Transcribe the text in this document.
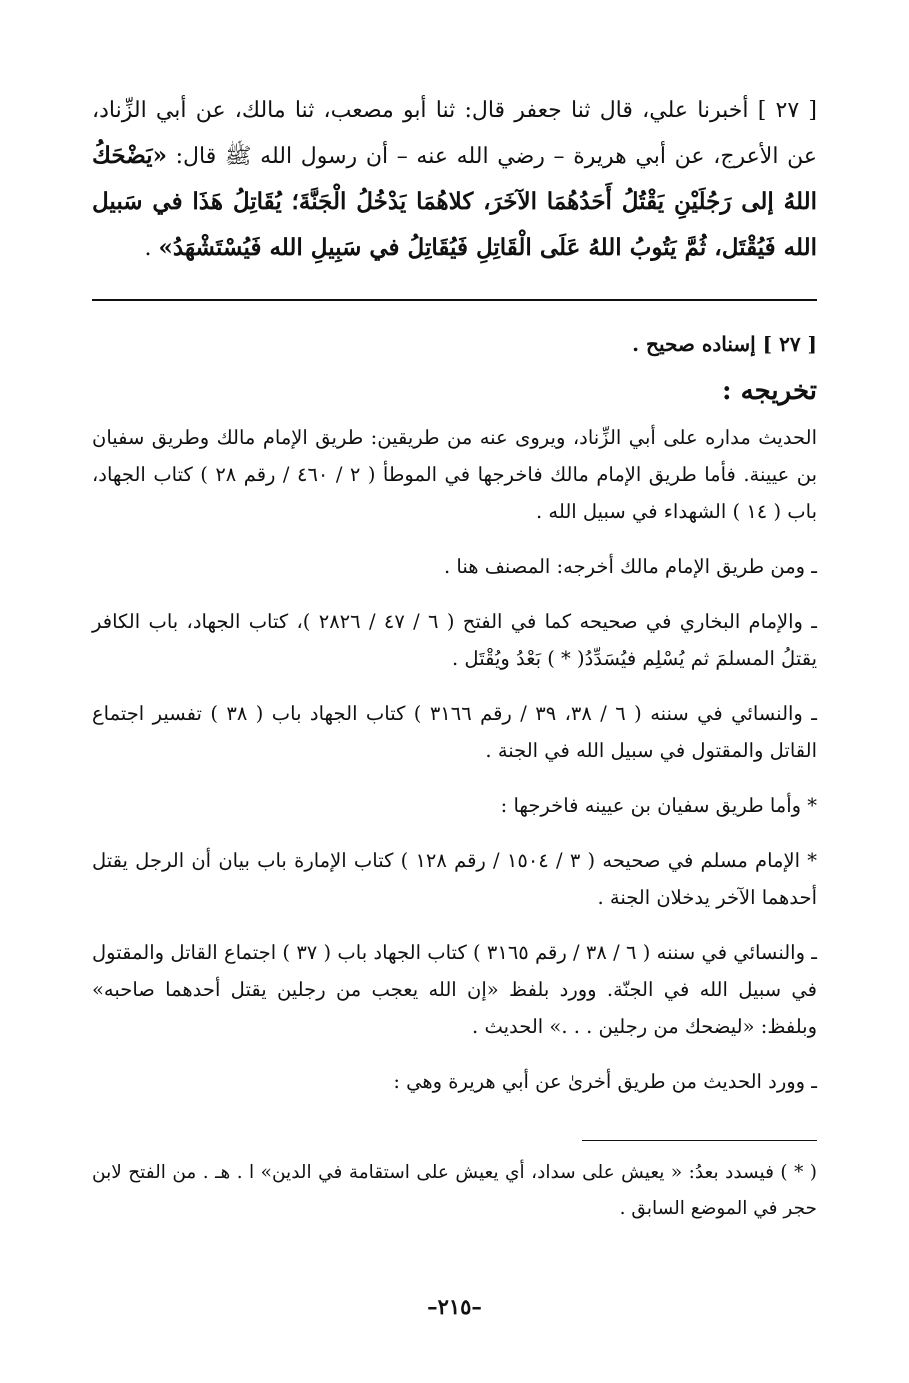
[ ٢٧ ] أخبرنا علي، قال ثنا جعفر قال: ثنا أبو مصعب، ثنا مالك، عن أبي الزِّناد، عن الأعرج، عن أبي هريرة – رضي الله عنه – أن رسول الله ﷺ قال: «يَضْحَكُ اللهُ إلى رَجُلَيْنِ يَقْتُلُ أَحَدُهُمَا الآخَرَ، كلاهُمَا يَدْخُلُ الْجَنَّةَ؛ يُقَاتِلُ هَذَا في سَبيل الله فَيُقْتَل، ثُمَّ يَتُوبُ اللهُ عَلَى الْقَاتِلِ فَيُقَاتِلُ في سَبِيلِ الله فَيُسْتَشْهَدُ» .

[ ٢٧ ] إسناده صحيح .

تخريجه :

الحديث مداره على أبي الزِّناد، ويروى عنه من طريقين: طريق الإمام مالك وطريق سفيان بن عيينة. فأما طريق الإمام مالك فاخرجها في الموطأ ( ٢ / ٤٦٠ / رقم ٢٨ ) كتاب الجهاد، باب ( ١٤ ) الشهداء في سبيل الله .

ـ ومن طريق الإمام مالك أخرجه: المصنف هنا .

ـ والإمام البخاري في صحيحه كما في الفتح ( ٦ / ٤٧ / ٢٨٢٦ )، كتاب الجهاد، باب الكافر يقتلُ المسلمَ ثم يُسْلِم فيُسَدِّدُ( * ) بَعْدُ ويُقْتَل .

ـ والنسائي في سننه ( ٦ / ٣٨، ٣٩ / رقم ٣١٦٦ ) كتاب الجهاد باب ( ٣٨ ) تفسير اجتماع القاتل والمقتول في سبيل الله في الجنة .

* وأما طريق سفيان بن عيينه فاخرجها :

* الإمام مسلم في صحيحه ( ٣ / ١٥٠٤ / رقم ١٢٨ ) كتاب الإمارة باب بيان أن الرجل يقتل أحدهما الآخر يدخلان الجنة .

ـ والنسائي في سننه ( ٦ / ٣٨ / رقم ٣١٦٥ ) كتاب الجهاد باب ( ٣٧ ) اجتماع القاتل والمقتول في سبيل الله في الجنّة. وورد بلفظ «إن الله يعجب من رجلين يقتل أحدهما صاحبه» وبلفظ: «ليضحك من رجلين . . .» الحديث .

ـ وورد الحديث من طريق أخرىٰ عن أبي هريرة وهي :

( * ) فيسدد بعدُ: « يعيش على سداد، أي يعيش على استقامة في الدين» ا . هـ . من الفتح لابن حجر في الموضع السابق .

–٢١٥–
